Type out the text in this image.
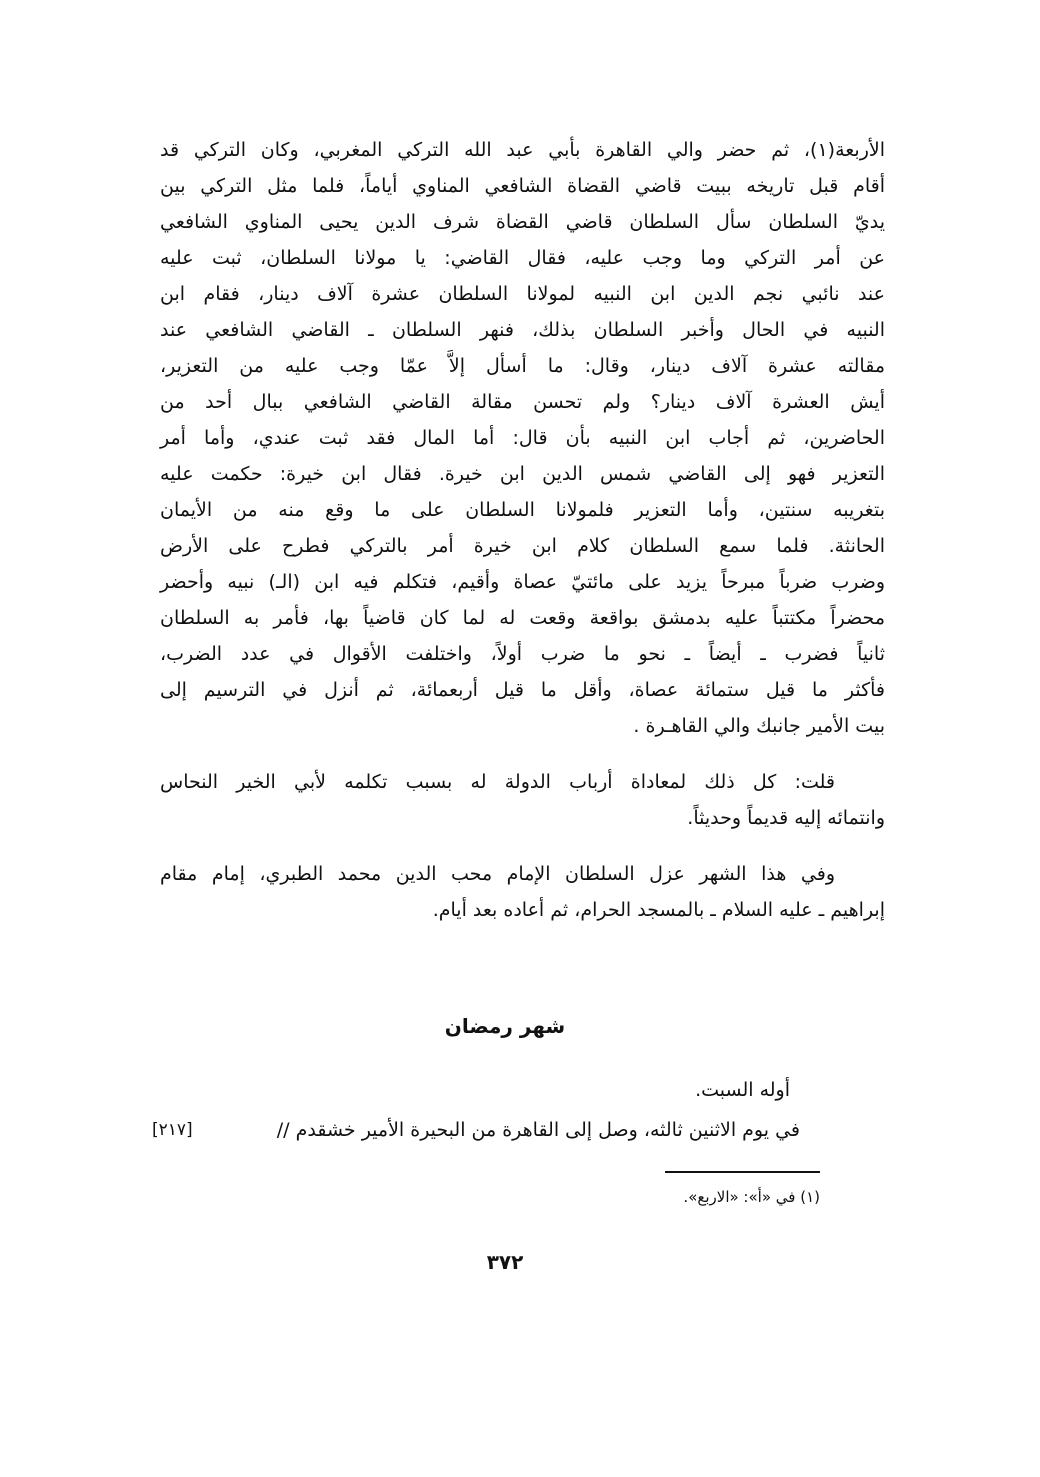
الأربعة(١)، ثم حضر والي القاهرة بأبي عبد الله التركي المغربي، وكان التركي قد
أقام قبل تاريخه ببيت قاضي القضاة الشافعي المناوي أياماً، فلما مثل التركي بين
يديّ السلطان سأل السلطان قاضي القضاة شرف الدين يحيى المناوي الشافعي
عن أمر التركي وما وجب عليه، فقال القاضي: يا مولانا السلطان، ثبت عليه
عند نائبي نجم الدين ابن النبيه لمولانا السلطان عشرة آلاف دينار، فقام ابن
النبيه في الحال وأخبر السلطان بذلك، فنهر السلطان ـ القاضي الشافعي عند
مقالته عشرة آلاف دينار، وقال: ما أسأل إلاَّ عمّا وجب عليه من التعزير،
أيش العشرة آلاف دينار؟ ولم تحسن مقالة القاضي الشافعي ببال أحد من
الحاضرين، ثم أجاب ابن النبيه بأن قال: أما المال فقد ثبت عندي، وأما أمر
التعزير فهو إلى القاضي شمس الدين ابن خيرة. فقال ابن خيرة: حكمت عليه
بتغريبه سنتين، وأما التعزير فلمولانا السلطان على ما وقع منه من الأيمان
الحانثة. فلما سمع السلطان كلام ابن خيرة أمر بالتركي فطرح على الأرض
وضرب ضرباً مبرحاً يزيد على مائتيّ عصاة وأقيم، فتكلم فيه ابن (الـ) نبيه وأحضر
محضراً مكتتباً عليه بدمشق بواقعة وقعت له لما كان قاضياً بها، فأمر به السلطان
ثانياً فضرب ـ أيضاً ـ نحو ما ضرب أولاً، واختلفت الأقوال في عدد الضرب،
فأكثر ما قيل ستمائة عصاة، وأقل ما قيل أربعمائة، ثم أنزل في الترسيم إلى
بيت الأمير جانبك والي القاهـرة .
قلت: كل ذلك لمعاداة أرباب الدولة له بسبب تكلمه لأبي الخير النحاس
وانتمائه إليه قديماً وحديثاً.
وفي هذا الشهر عزل السلطان الإمام محب الدين محمد الطبري، إمام مقام
إبراهيم ـ عليه السلام ـ بالمسجد الحرام، ثم أعاده بعد أيام.
شهر رمضان
أوله السبت.
في يوم الاثنين ثالثه، وصل إلى القاهرة من البحيرة الأمير خشقدم //
[٢١٧]
(١) في «أ»: «الاربع».
٣٧٢
